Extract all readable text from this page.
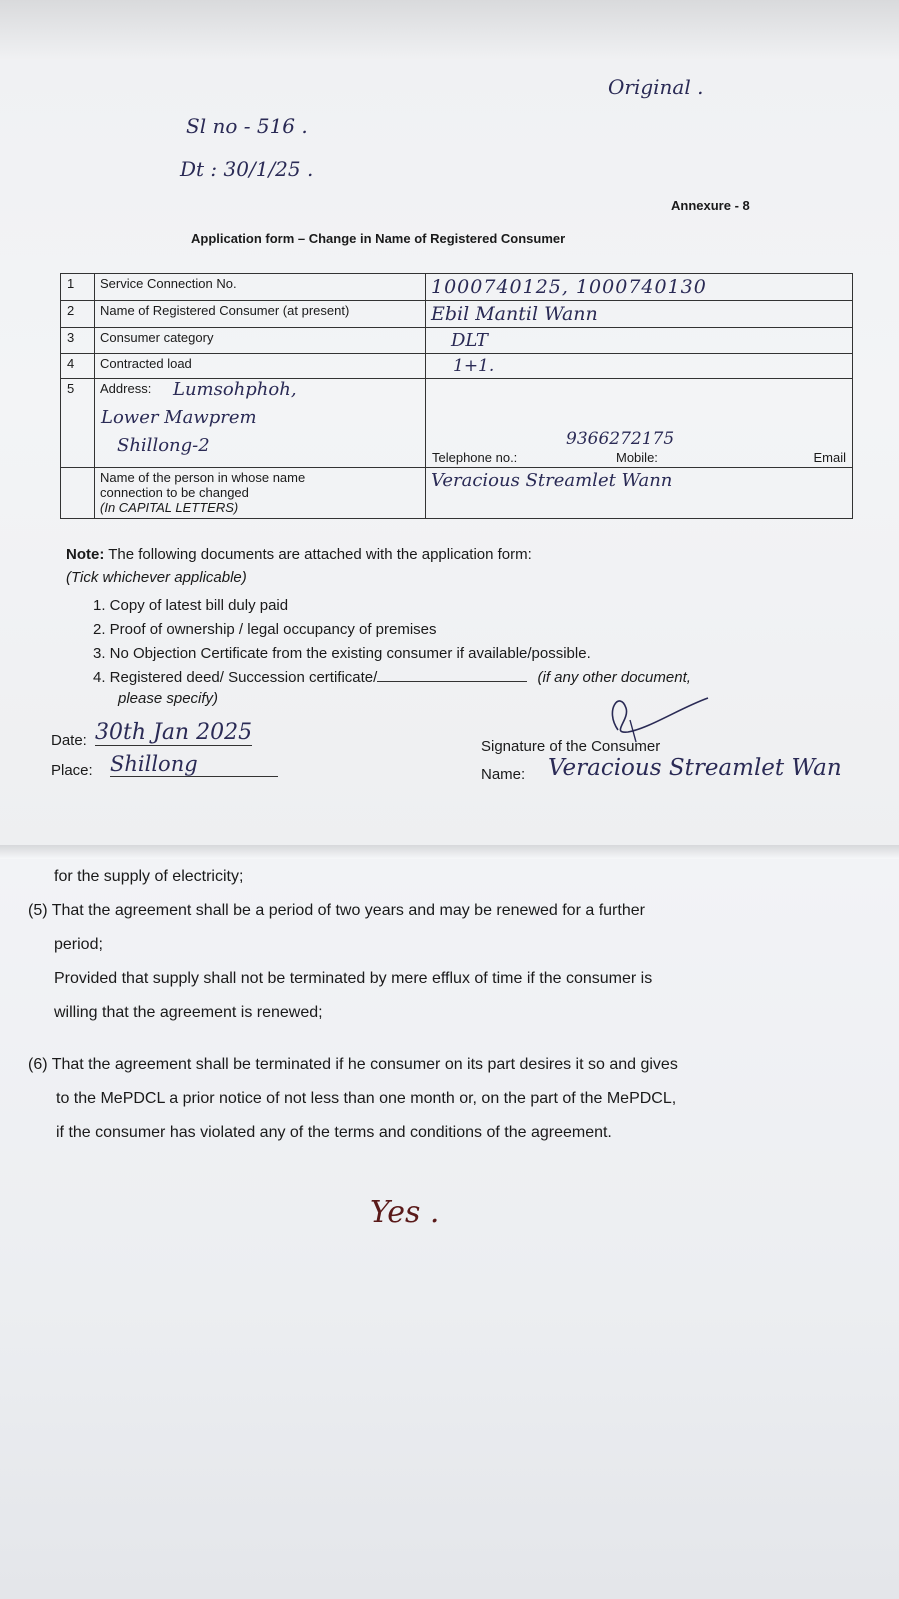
Original .
Sl no - 516 .
Dt : 30/1/25 .
Annexure - 8
Application form – Change in Name of Registered Consumer
1	Service Connection No.	1000740125, 1000740130
2	Name of Registered Consumer (at present)	Ebil Mantil Wann
3	Consumer category	DLT
4	Contracted load	1+1.
5	Address: Lumsohphoh,
Lower Mawprem
Shillong-2	9366272175
Telephone no.: Mobile: Email

	Name of the person in whose name
connection to be changed
(In CAPITAL LETTERS)	Veracious Streamlet Wann
Note: The following documents are attached with the application form:
(Tick whichever applicable)
1. Copy of latest bill duly paid
2. Proof of ownership / legal occupancy of premises
3. No Objection Certificate from the existing consumer if available/possible.
4. Registered deed/ Succession certificate/	(if any other document,
please specify)
Date: 30th Jan 2025
Place: Shillong
Signature of the Consumer
Name: Veracious Streamlet Wan
for the supply of electricity;
(5) That the agreement shall be a period of two years and may be renewed for a further
period;
Provided that supply shall not be terminated by mere efflux of time if the consumer is
willing that the agreement is renewed;
(6) That the agreement shall be terminated if he consumer on its part desires it so and gives
to the MePDCL a prior notice of not less than one month or, on the part of the MePDCL,
if the consumer has violated any of the terms and conditions of the agreement.
Yes .
